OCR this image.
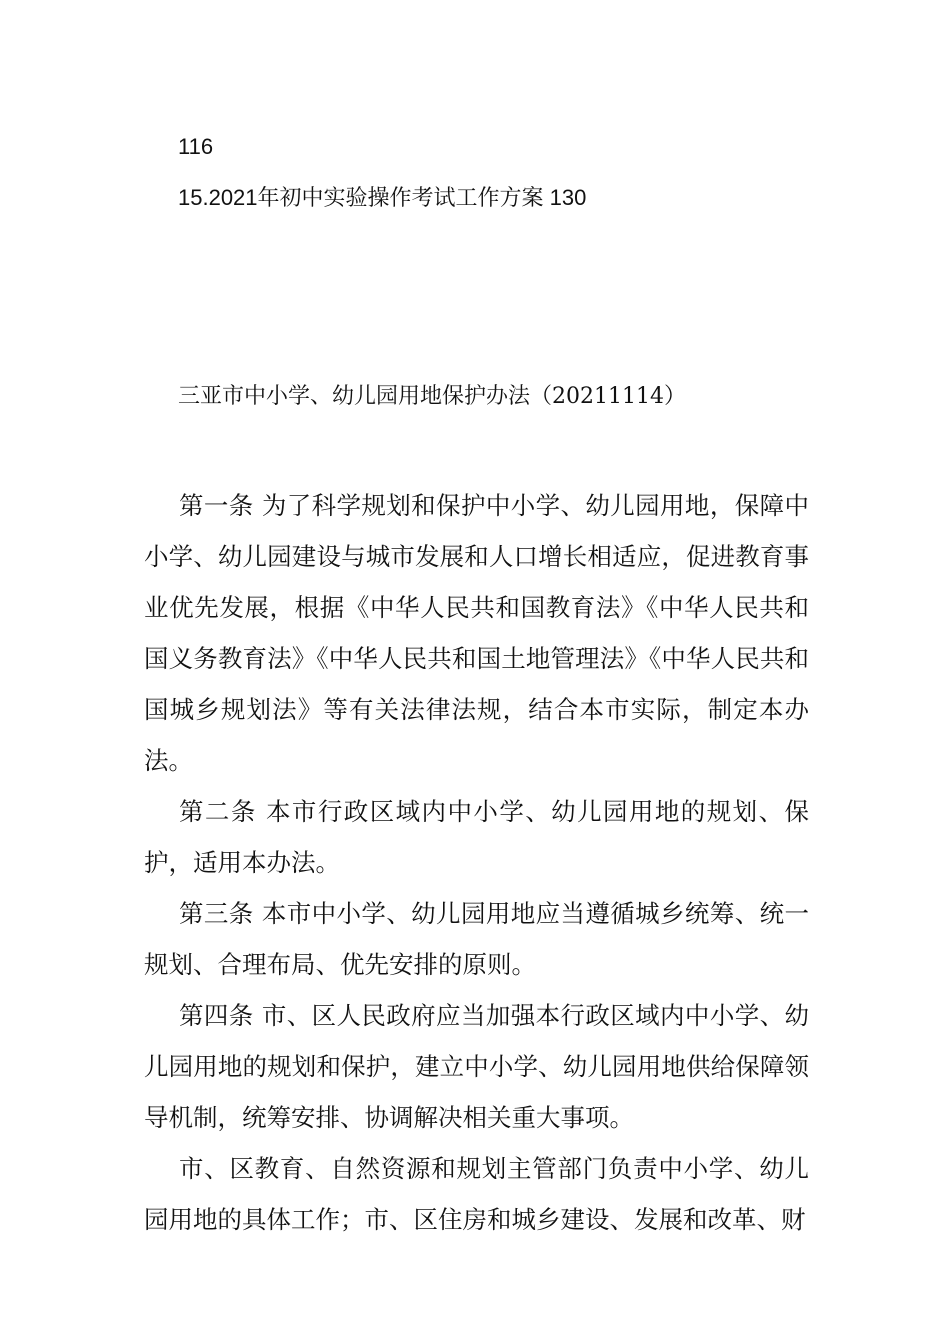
116
15.2021年初中实验操作考试工作方案 130
三亚市中小学、幼儿园用地保护办法（20211114）

第一条 为了科学规划和保护中小学、幼儿园用地，保障中小学、幼儿园建设与城市发展和人口增长相适应，促进教育事业优先发展，根据《中华人民共和国教育法》《中华人民共和国义务教育法》《中华人民共和国土地管理法》《中华人民共和国城乡规划法》等有关法律法规，结合本市实际，制定本办法。

第二条 本市行政区域内中小学、幼儿园用地的规划、保护，适用本办法。

第三条 本市中小学、幼儿园用地应当遵循城乡统筹、统一规划、合理布局、优先安排的原则。

第四条 市、区人民政府应当加强本行政区域内中小学、幼儿园用地的规划和保护，建立中小学、幼儿园用地供给保障领导机制，统筹安排、协调解决相关重大事项。

市、区教育、自然资源和规划主管部门负责中小学、幼儿园用地的具体工作；市、区住房和城乡建设、发展和改革、财
